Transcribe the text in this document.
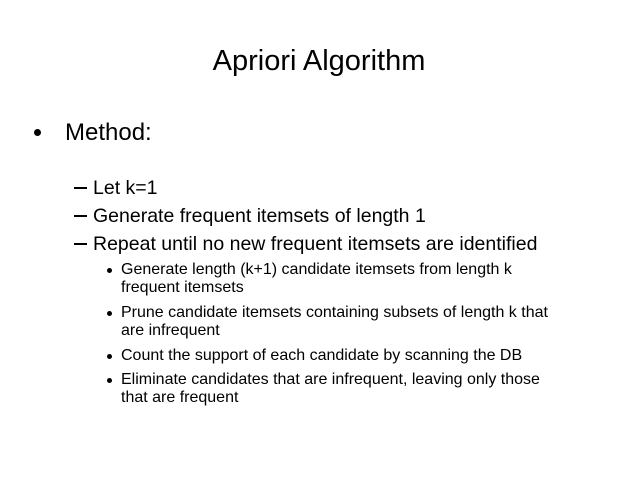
Apriori Algorithm
Method:
Let k=1
Generate frequent itemsets of length 1
Repeat until no new frequent itemsets are identified
Generate length (k+1) candidate itemsets from length k
frequent itemsets
Prune candidate itemsets containing subsets of length k that
are infrequent
Count the support of each candidate by scanning the DB
Eliminate candidates that are infrequent, leaving only those
that are frequent
